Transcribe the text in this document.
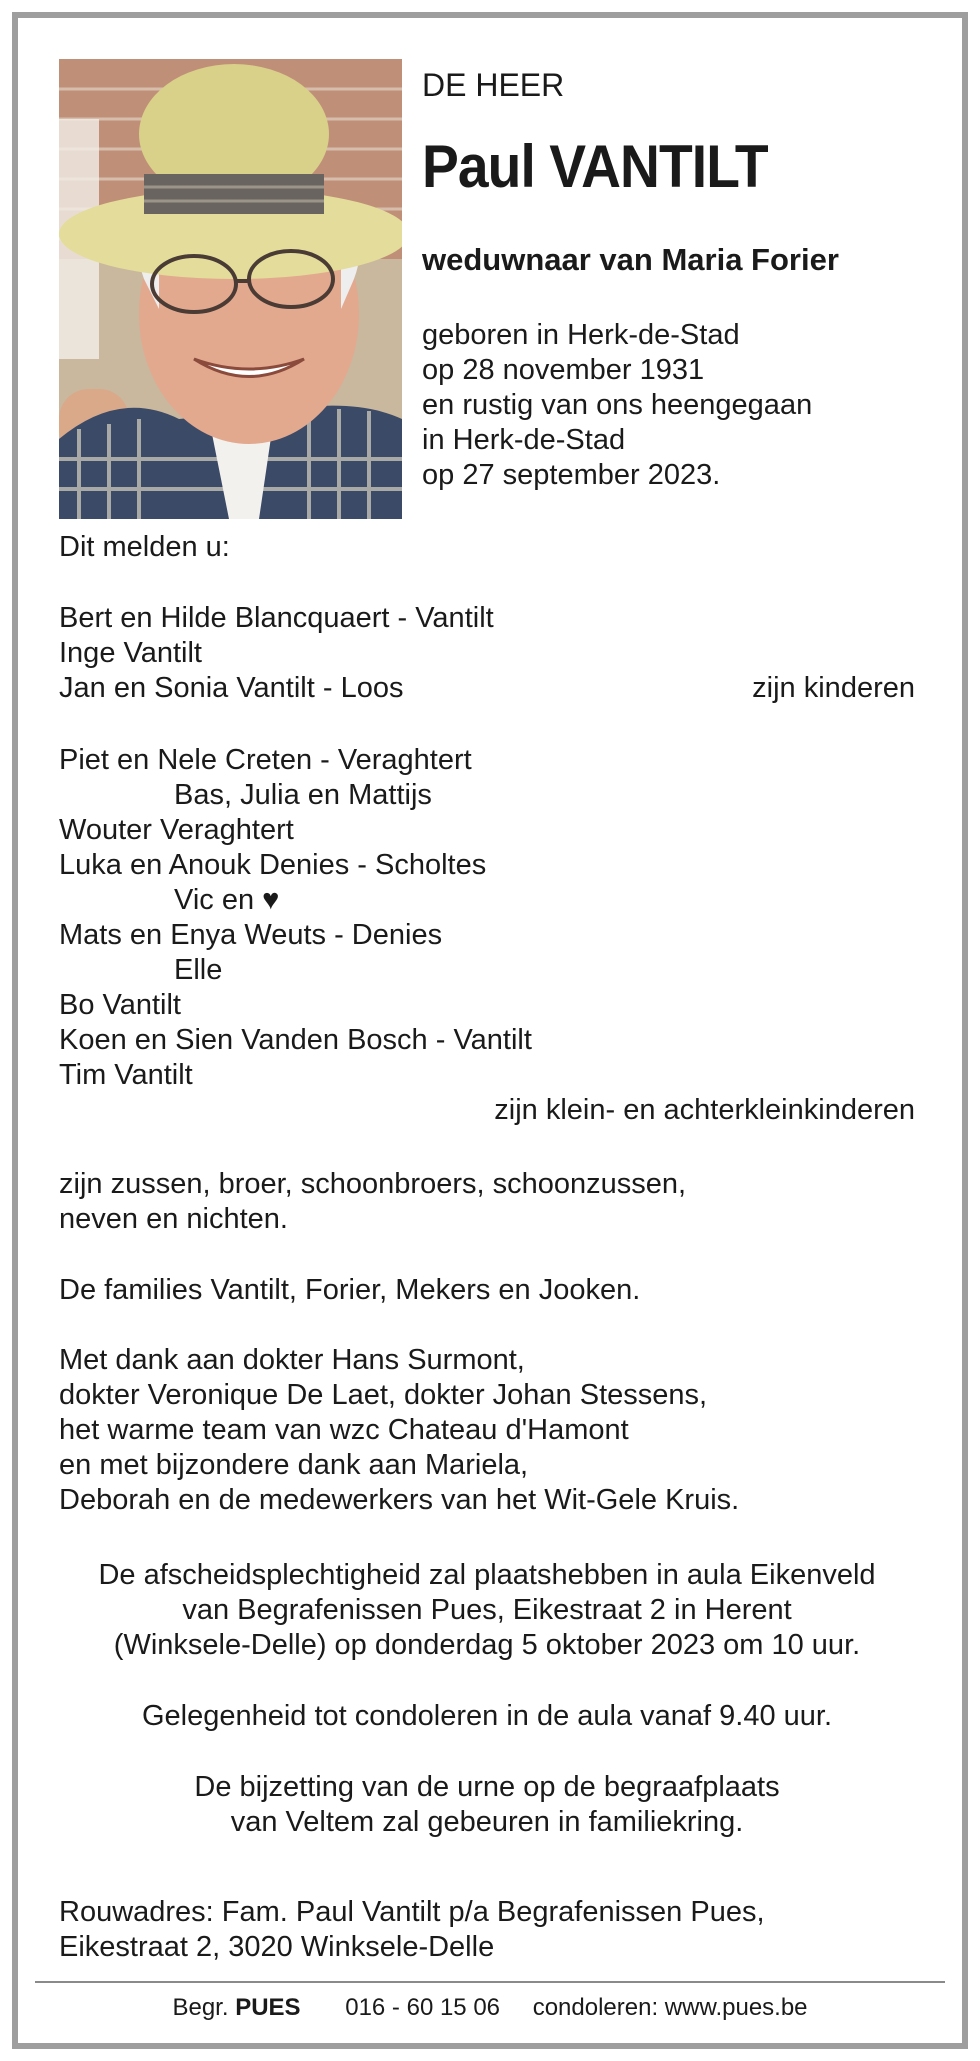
DE HEER
Paul VANTILT
weduwnaar van Maria Forier
geboren in Herk-de-Stad
op 28 november 1931
en rustig van ons heengegaan
in Herk-de-Stad
op 27 september 2023.
Dit melden u:
Bert en Hilde Blancquaert - Vantilt
Inge Vantilt
Jan en Sonia Vantilt - Loos	zijn kinderen
Piet en Nele Creten - Veraghtert
Bas, Julia en Mattijs
Wouter Veraghtert
Luka en Anouk Denies - Scholtes
Vic en ♥
Mats en Enya Weuts - Denies
Elle
Bo Vantilt
Koen en Sien Vanden Bosch - Vantilt
Tim Vantilt
zijn klein- en achterkleinkinderen
zijn zussen, broer, schoonbroers, schoonzussen,
neven en nichten.
De families Vantilt, Forier, Mekers en Jooken.
Met dank aan dokter Hans Surmont,
dokter Veronique De Laet, dokter Johan Stessens,
het warme team van wzc Chateau d'Hamont
en met bijzondere dank aan Mariela,
Deborah en de medewerkers van het Wit-Gele Kruis.
De afscheidsplechtigheid zal plaatshebben in aula Eikenveld
van Begrafenissen Pues, Eikestraat 2 in Herent
(Winksele-Delle) op donderdag 5 oktober 2023 om 10 uur.
Gelegenheid tot condoleren in de aula vanaf 9.40 uur.
De bijzetting van de urne op de begraafplaats
van Veltem zal gebeuren in familiekring.
Rouwadres: Fam. Paul Vantilt p/a Begrafenissen Pues,
Eikestraat 2, 3020 Winksele-Delle
Begr. PUES 016 - 60 15 06 condoleren: www.pues.be
